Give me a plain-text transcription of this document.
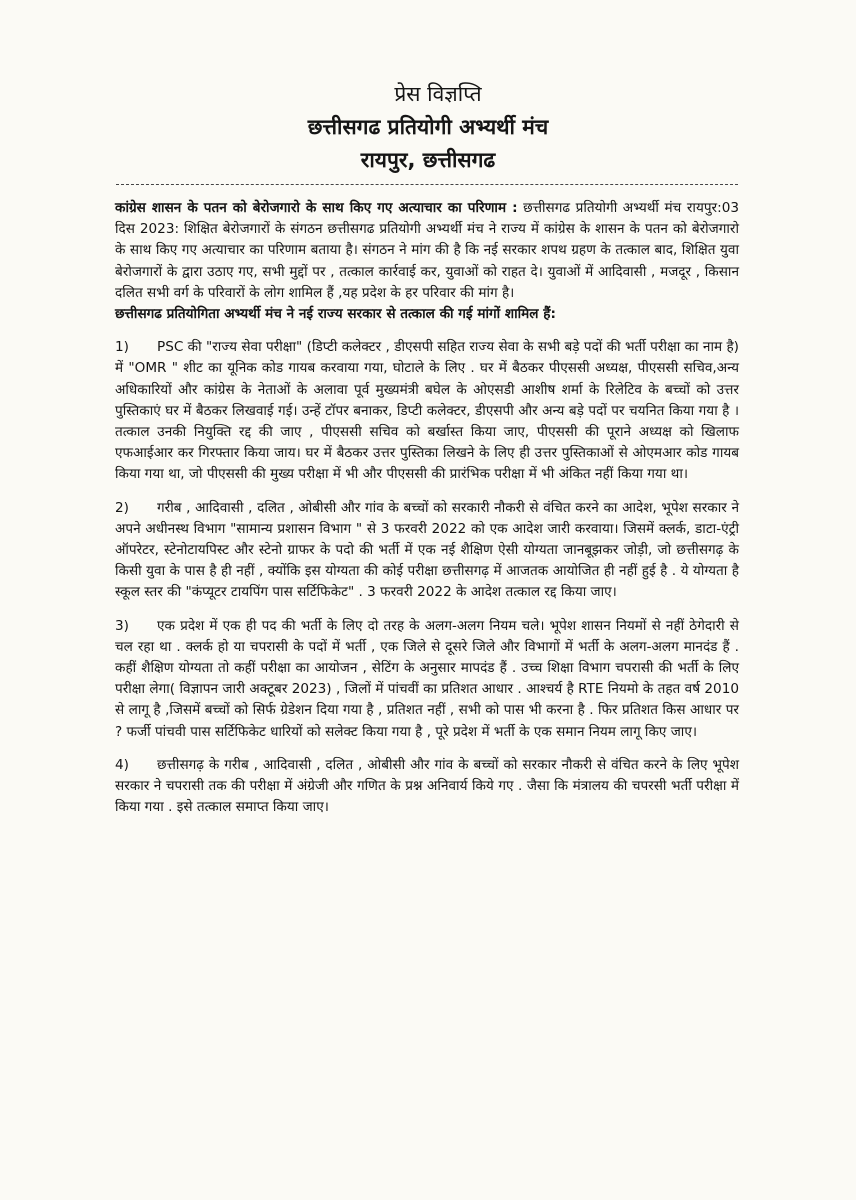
प्रेस विज्ञप्ति
छत्तीसगढ प्रतियोगी अभ्यर्थी मंच
रायपुर, छत्तीसगढ

कांग्रेस शासन के पतन को बेरोजगारो के साथ किए गए अत्याचार का परिणाम : छत्तीसगढ प्रतियोगी अभ्यर्थी मंच रायपुर:03 दिस 2023: शिक्षित बेरोजगारों के संगठन छत्तीसगढ प्रतियोगी अभ्यर्थी मंच ने राज्य में कांग्रेस के शासन के पतन को बेरोजगारो के साथ किए गए अत्याचार का परिणाम बताया है। संगठन ने मांग की है कि नई सरकार शपथ ग्रहण के तत्काल बाद, शिक्षित युवा बेरोजगारों के द्वारा उठाए गए, सभी मुद्दों पर , तत्काल कार्रवाई कर, युवाओं को राहत दे। युवाओं में आदिवासी , मजदूर , किसान दलित सभी वर्ग के परिवारों के लोग शामिल हैं ,यह प्रदेश के हर परिवार की मांग है।

छत्तीसगढ प्रतियोगिता अभ्यर्थी मंच ने नई राज्य सरकार से तत्काल की गई मांगों शामिल हैं:

1) PSC की "राज्य सेवा परीक्षा" (डिप्टी कलेक्टर , डीएसपी सहित राज्य सेवा के सभी बड़े पदों की भर्ती परीक्षा का नाम है) में "OMR " शीट का यूनिक कोड गायब करवाया गया, घोटाले के लिए . घर में बैठकर पीएससी अध्यक्ष, पीएससी सचिव,अन्य अधिकारियों और कांग्रेस के नेताओं के अलावा पूर्व मुख्यमंत्री बघेल के ओएसडी आशीष शर्मा के रिलेटिव के बच्चों को उत्तर पुस्तिकाएं घर में बैठकर लिखवाई गई। उन्हें टॉपर बनाकर, डिप्टी कलेक्टर, डीएसपी और अन्य बड़े पदों पर चयनित किया गया है ।तत्काल उनकी नियुक्ति रद्द की जाए , पीएससी सचिव को बर्खास्त किया जाए, पीएससी की पूराने अध्यक्ष को खिलाफ एफआईआर कर गिरफ्तार किया जाय। घर में बैठकर उत्तर पुस्तिका लिखने के लिए ही उत्तर पुस्तिकाओं से ओएमआर कोड गायब किया गया था, जो पीएससी की मुख्य परीक्षा में भी और पीएससी की प्रारंभिक परीक्षा में भी अंकित नहीं किया गया था।

2) गरीब , आदिवासी , दलित , ओबीसी और गांव के बच्चों को सरकारी नौकरी से वंचित करने का आदेश, भूपेश सरकार ने अपने अधीनस्थ विभाग "सामान्य प्रशासन विभाग " से 3 फरवरी 2022 को एक आदेश जारी करवाया। जिसमें क्लर्क, डाटा-एंट्री ऑपरेटर, स्टेनोटायपिस्ट और स्टेनो ग्राफर के पदो की भर्ती में एक नई शैक्षिण ऐसी योग्यता जानबूझकर जोड़ी, जो छत्तीसगढ़ के किसी युवा के पास है ही नहीं , क्योंकि इस योग्यता की कोई परीक्षा छत्तीसगढ़ में आजतक आयोजित ही नहीं हुई है . ये योग्यता है स्कूल स्तर की "कंप्यूटर टायपिंग पास सर्टिफिकेट" . 3 फरवरी 2022 के आदेश तत्काल रद्द किया जाए।

3) एक प्रदेश में एक ही पद की भर्ती के लिए दो तरह के अलग-अलग नियम चले। भूपेश शासन नियमों से नहीं ठेगेदारी से चल रहा था . क्लर्क हो या चपरासी के पदों में भर्ती , एक जिले से दूसरे जिले और विभागों में भर्ती के अलग-अलग मानदंड हैं . कहीं शैक्षिण योग्यता तो कहीं परीक्षा का आयोजन , सेटिंग के अनुसार मापदंड हैं . उच्च शिक्षा विभाग चपरासी की भर्ती के लिए परीक्षा लेगा( विज्ञापन जारी अक्टूबर 2023) , जिलों में पांचवीं का प्रतिशत आधार . आश्चर्य है RTE नियमो के तहत वर्ष 2010 से लागू है ,जिसमें बच्चों को सिर्फ ग्रेडेशन दिया गया है , प्रतिशत नहीं , सभी को पास भी करना है . फिर प्रतिशत किस आधार पर ? फर्जी पांचवी पास सर्टिफिकेट धारियों को सलेक्ट किया गया है , पूरे प्रदेश में भर्ती के एक समान नियम लागू किए जाए।

4) छत्तीसगढ़ के गरीब , आदिवासी , दलित , ओबीसी और गांव के बच्चों को सरकार नौकरी से वंचित करने के लिए भूपेश सरकार ने चपरासी तक की परीक्षा में अंग्रेजी और गणित के प्रश्न अनिवार्य किये गए . जैसा कि मंत्रालय की चपरसी भर्ती परीक्षा में किया गया . इसे तत्काल समाप्त किया जाए।
